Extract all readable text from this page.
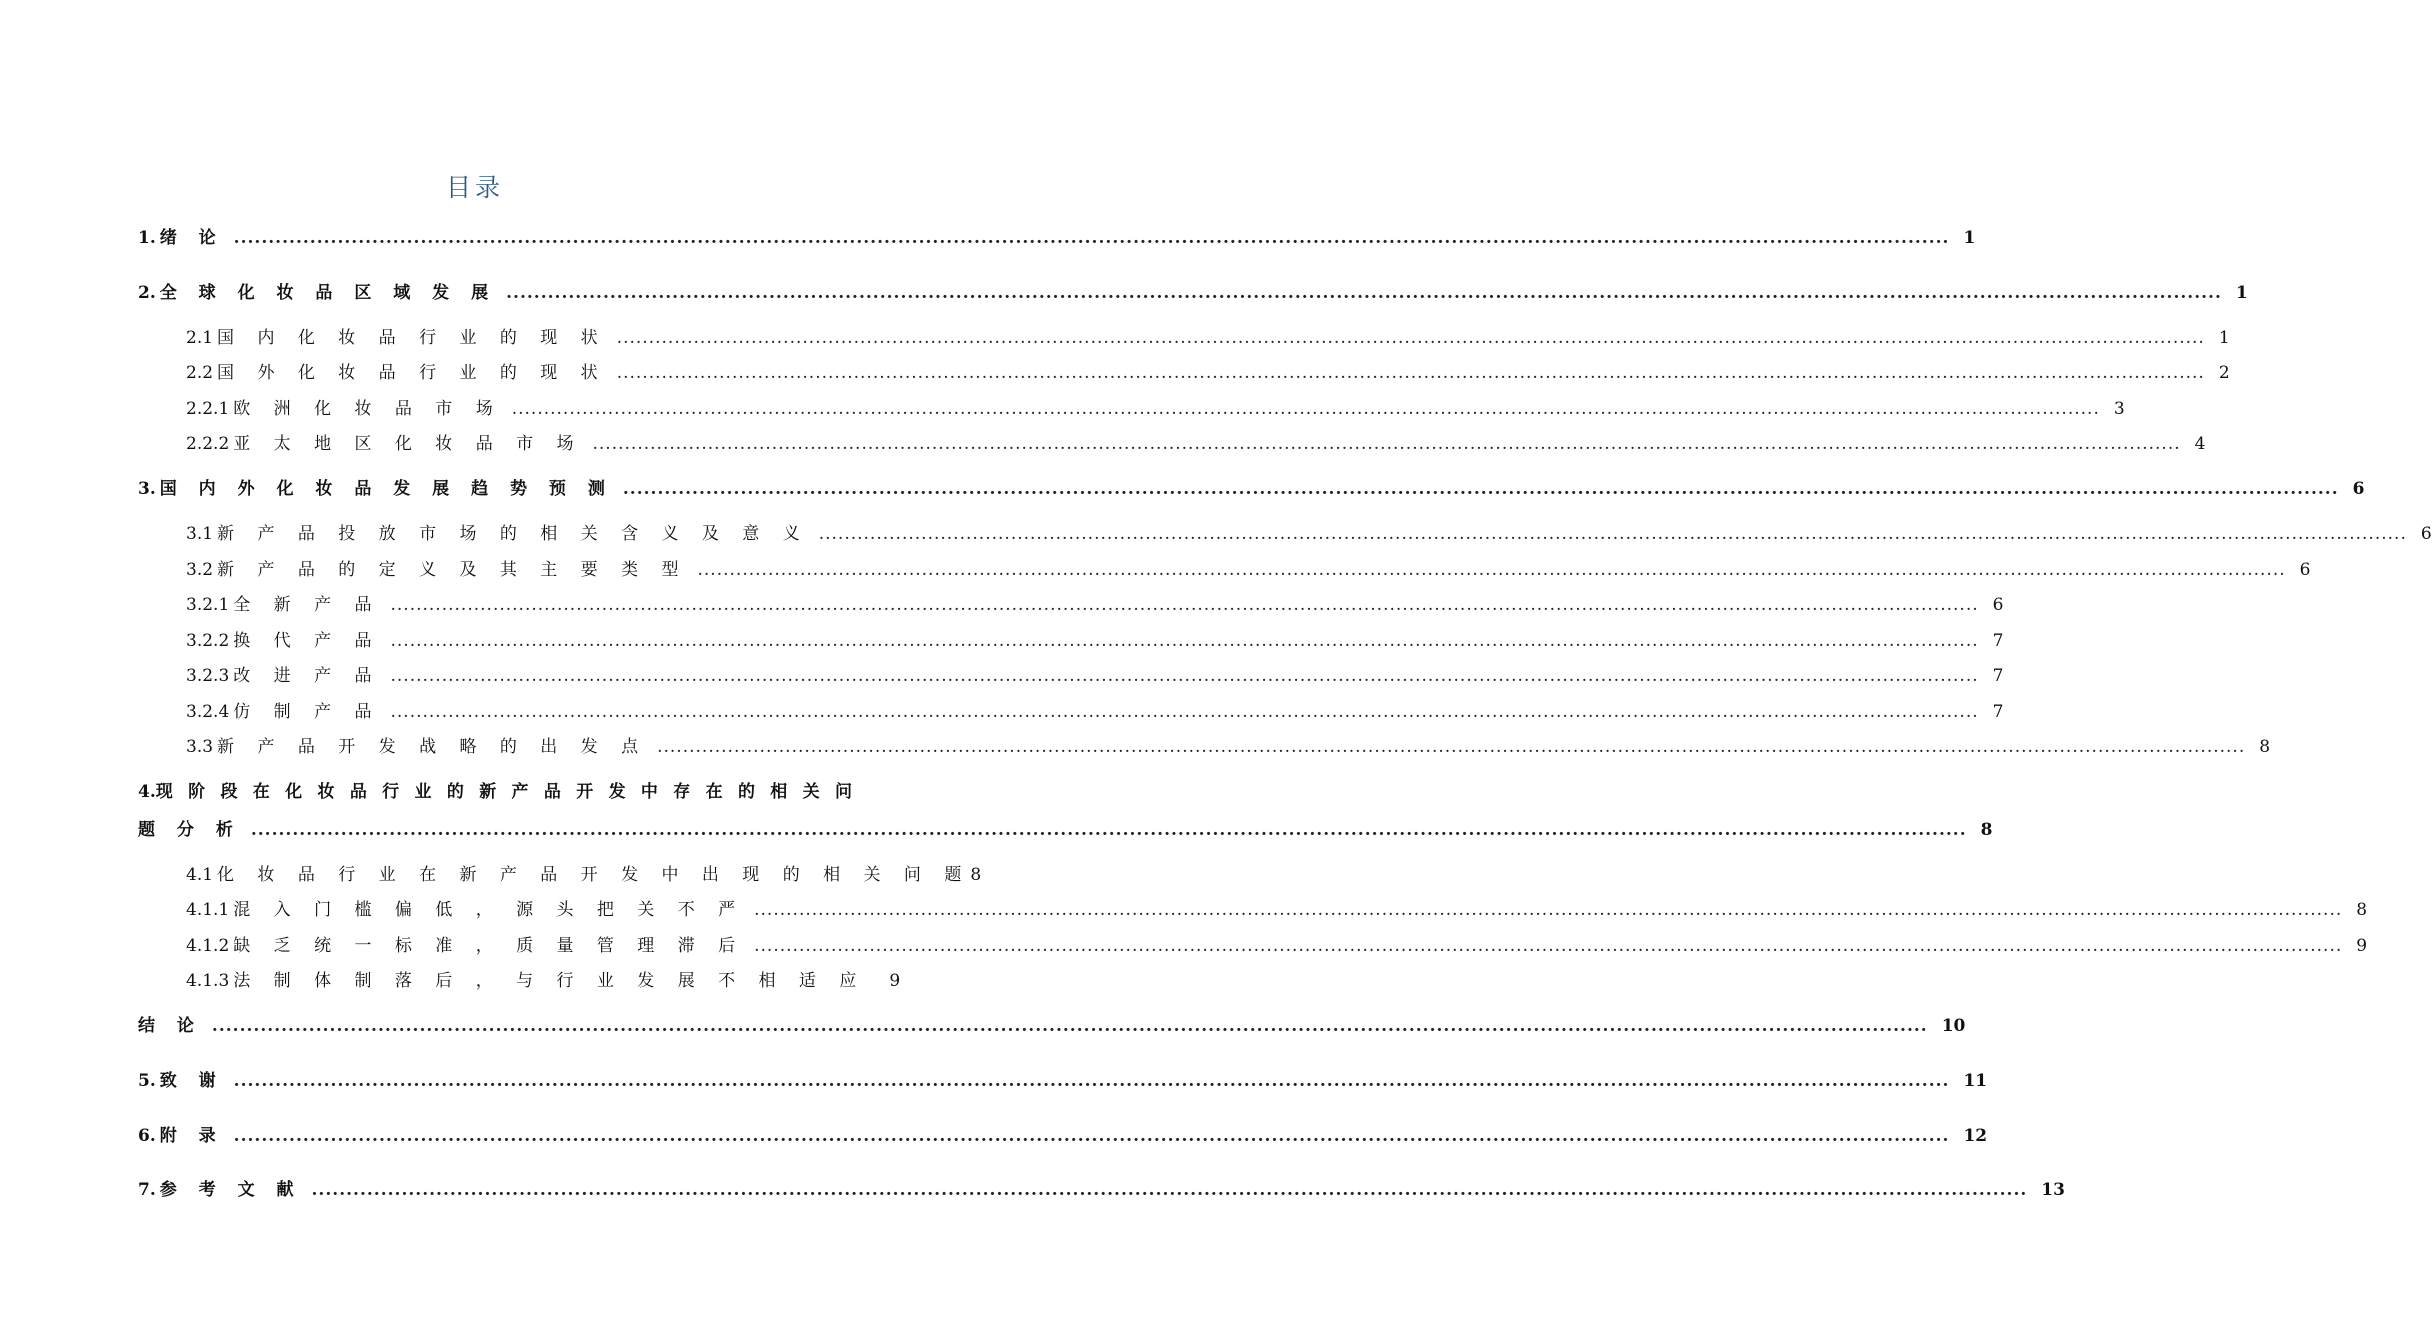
目录
1. 绪 论 .....	1
2. 全 球 化 妆 品 区 域 发 展 .....	1
2.1 国 内 化 妆 品 行 业 的 现 状 .....	1
2.2 国 外 化 妆 品 行 业 的 现 状 .....	2
2.2.1 欧 洲 化 妆 品 市 场 .....	3
2.2.2 亚 太 地 区 化 妆 品 市 场 .....	4
3. 国 内 外 化 妆 品 发 展 趋 势 预 测 .....	6
3.1 新 产 品 投 放 市 场 的 相 关 含 义 及 意 义 .....	6
3.2 新 产 品 的 定 义 及 其 主 要 类 型 .....	6
3.2.1 全 新 产 品 .....	6
3.2.2 换 代 产 品 .....	7
3.2.3 改 进 产 品 .....	7
3.2.4 仿 制 产 品 .....	7
3.3 新 产 品 开 发 战 略 的 出 发 点 .....	8
4.现 阶 段 在 化 妆 品 行 业 的 新 产 品 开 发 中 存 在 的 相 关 问
题 分 析 .....	8
4.1 化 妆 品 行 业 在 新 产 品 开 发 中 出 现 的 相 关 问 题 8
4.1.1 混 入 门 槛 偏 低 ， 源 头 把 关 不 严 .....	8
4.1.2 缺 乏 统 一 标 准 ， 质 量 管 理 滞 后 .....	9
4.1.3 法 制 体 制 落 后 ， 与 行 业 发 展 不 相 适 应 9
结 论 .....	10
5. 致 谢 .....	11
6. 附 录 .....	12
7. 参 考 文 献 .....	13
